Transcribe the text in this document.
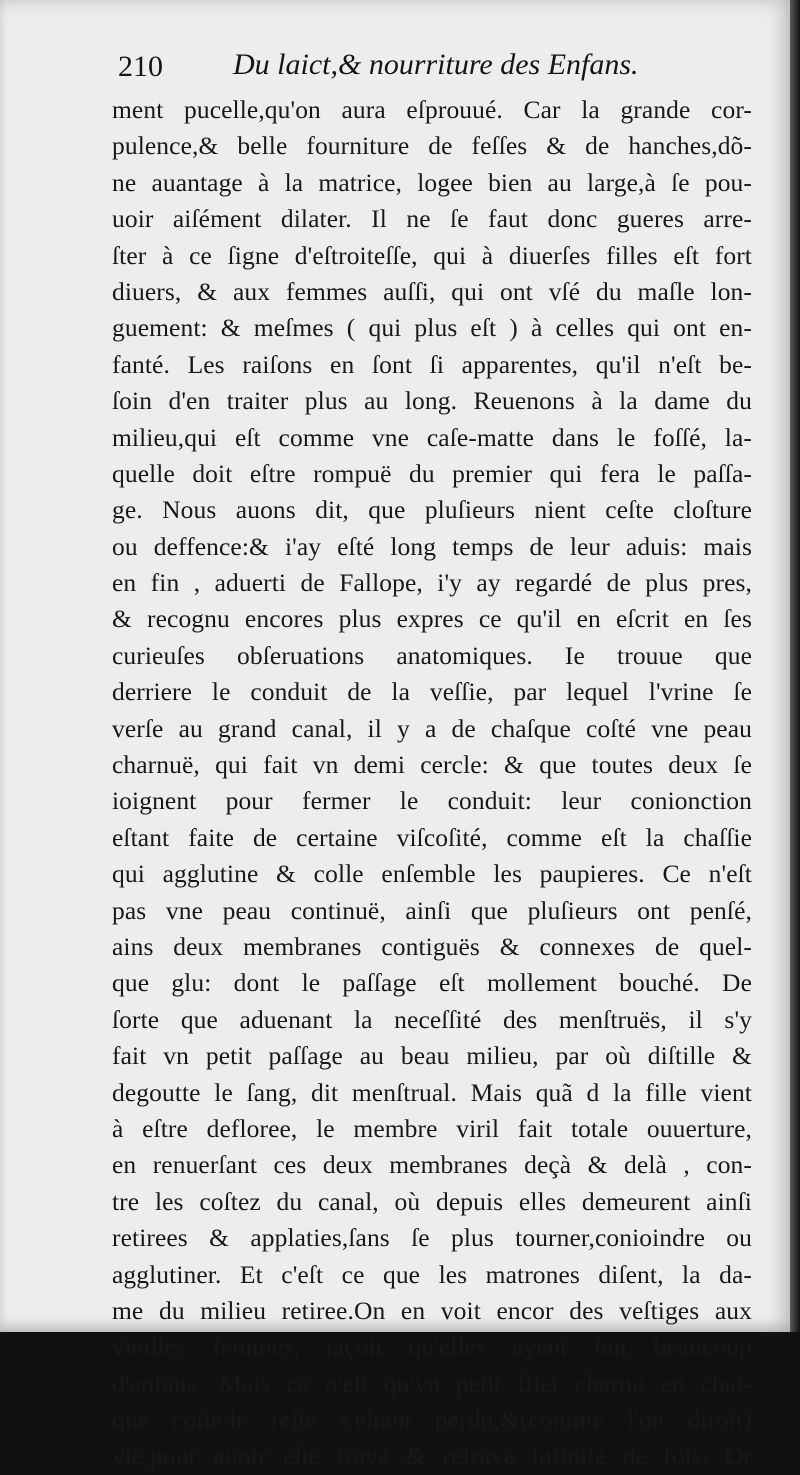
210 Du laict,& nourriture des Enfans.
ment pucelle,qu'on aura eſprouué. Car la grande cor-
pulence,& belle fourniture de feſſes & de hanches,dõ-
ne auantage à la matrice, logee bien au large,à ſe pou-
uoir aiſément dilater. Il ne ſe faut donc gueres arre-
ſter à ce ſigne d'eſtroiteſſe, qui à diuerſes filles eſt fort
diuers, & aux femmes auſſi, qui ont vſé du maſle lon-
guement: & meſmes ( qui plus eſt ) à celles qui ont en-
fanté. Les raiſons en ſont ſi apparentes, qu'il n'eſt be-
ſoin d'en traiter plus au long. Reuenons à la dame du
milieu,qui eſt comme vne caſe-matte dans le foſſé, la-
quelle doit eſtre rompuë du premier qui fera le paſſa-
ge. Nous auons dit, que pluſieurs nient ceſte cloſture
ou deffence:& i'ay eſté long temps de leur aduis: mais
en fin , aduerti de Fallope, i'y ay regardé de plus pres,
& recognu encores plus expres ce qu'il en eſcrit en ſes
curieuſes obſeruations anatomiques. Ie trouue que
derriere le conduit de la veſſie, par lequel l'vrine ſe
verſe au grand canal, il y a de chaſque coſté vne peau
charnuë, qui fait vn demi cercle: & que toutes deux ſe
ioignent pour fermer le conduit: leur conionction
eſtant faite de certaine viſcoſité, comme eſt la chaſſie
qui agglutine & colle enſemble les paupieres. Ce n'eſt
pas vne peau continuë, ainſi que pluſieurs ont penſé,
ains deux membranes contiguës & connexes de quel-
que glu: dont le paſſage eſt mollement bouché. De
ſorte que aduenant la neceſſité des menſtruës, il s'y
fait vn petit paſſage au beau milieu, par où diſtille &
degoutte le ſang, dit menſtrual. Mais quã d la fille vient
à eſtre defloree, le membre viril fait totale ouuerture,
en renuerſant ces deux membranes deçà & delà , con-
tre les coſtez du canal, où depuis elles demeurent ainſi
retirees & applaties,ſans ſe plus tourner,conioindre ou
agglutiner. Et c'eſt ce que les matrones diſent, la da-
me du milieu retiree.On en voit encor des veſtiges aux
vieilles femmes, iaçoit qu'elles ayent fait beaucoup
d'enfans. Mais ce n'eſt qu'vn petit filet charnu en chaſ-
que coſté:le reſte s'eſtant perdu,&(comme l'on diroit)
vſé,pour auoir eſté frayé & refrayé infinité de fois. Or
